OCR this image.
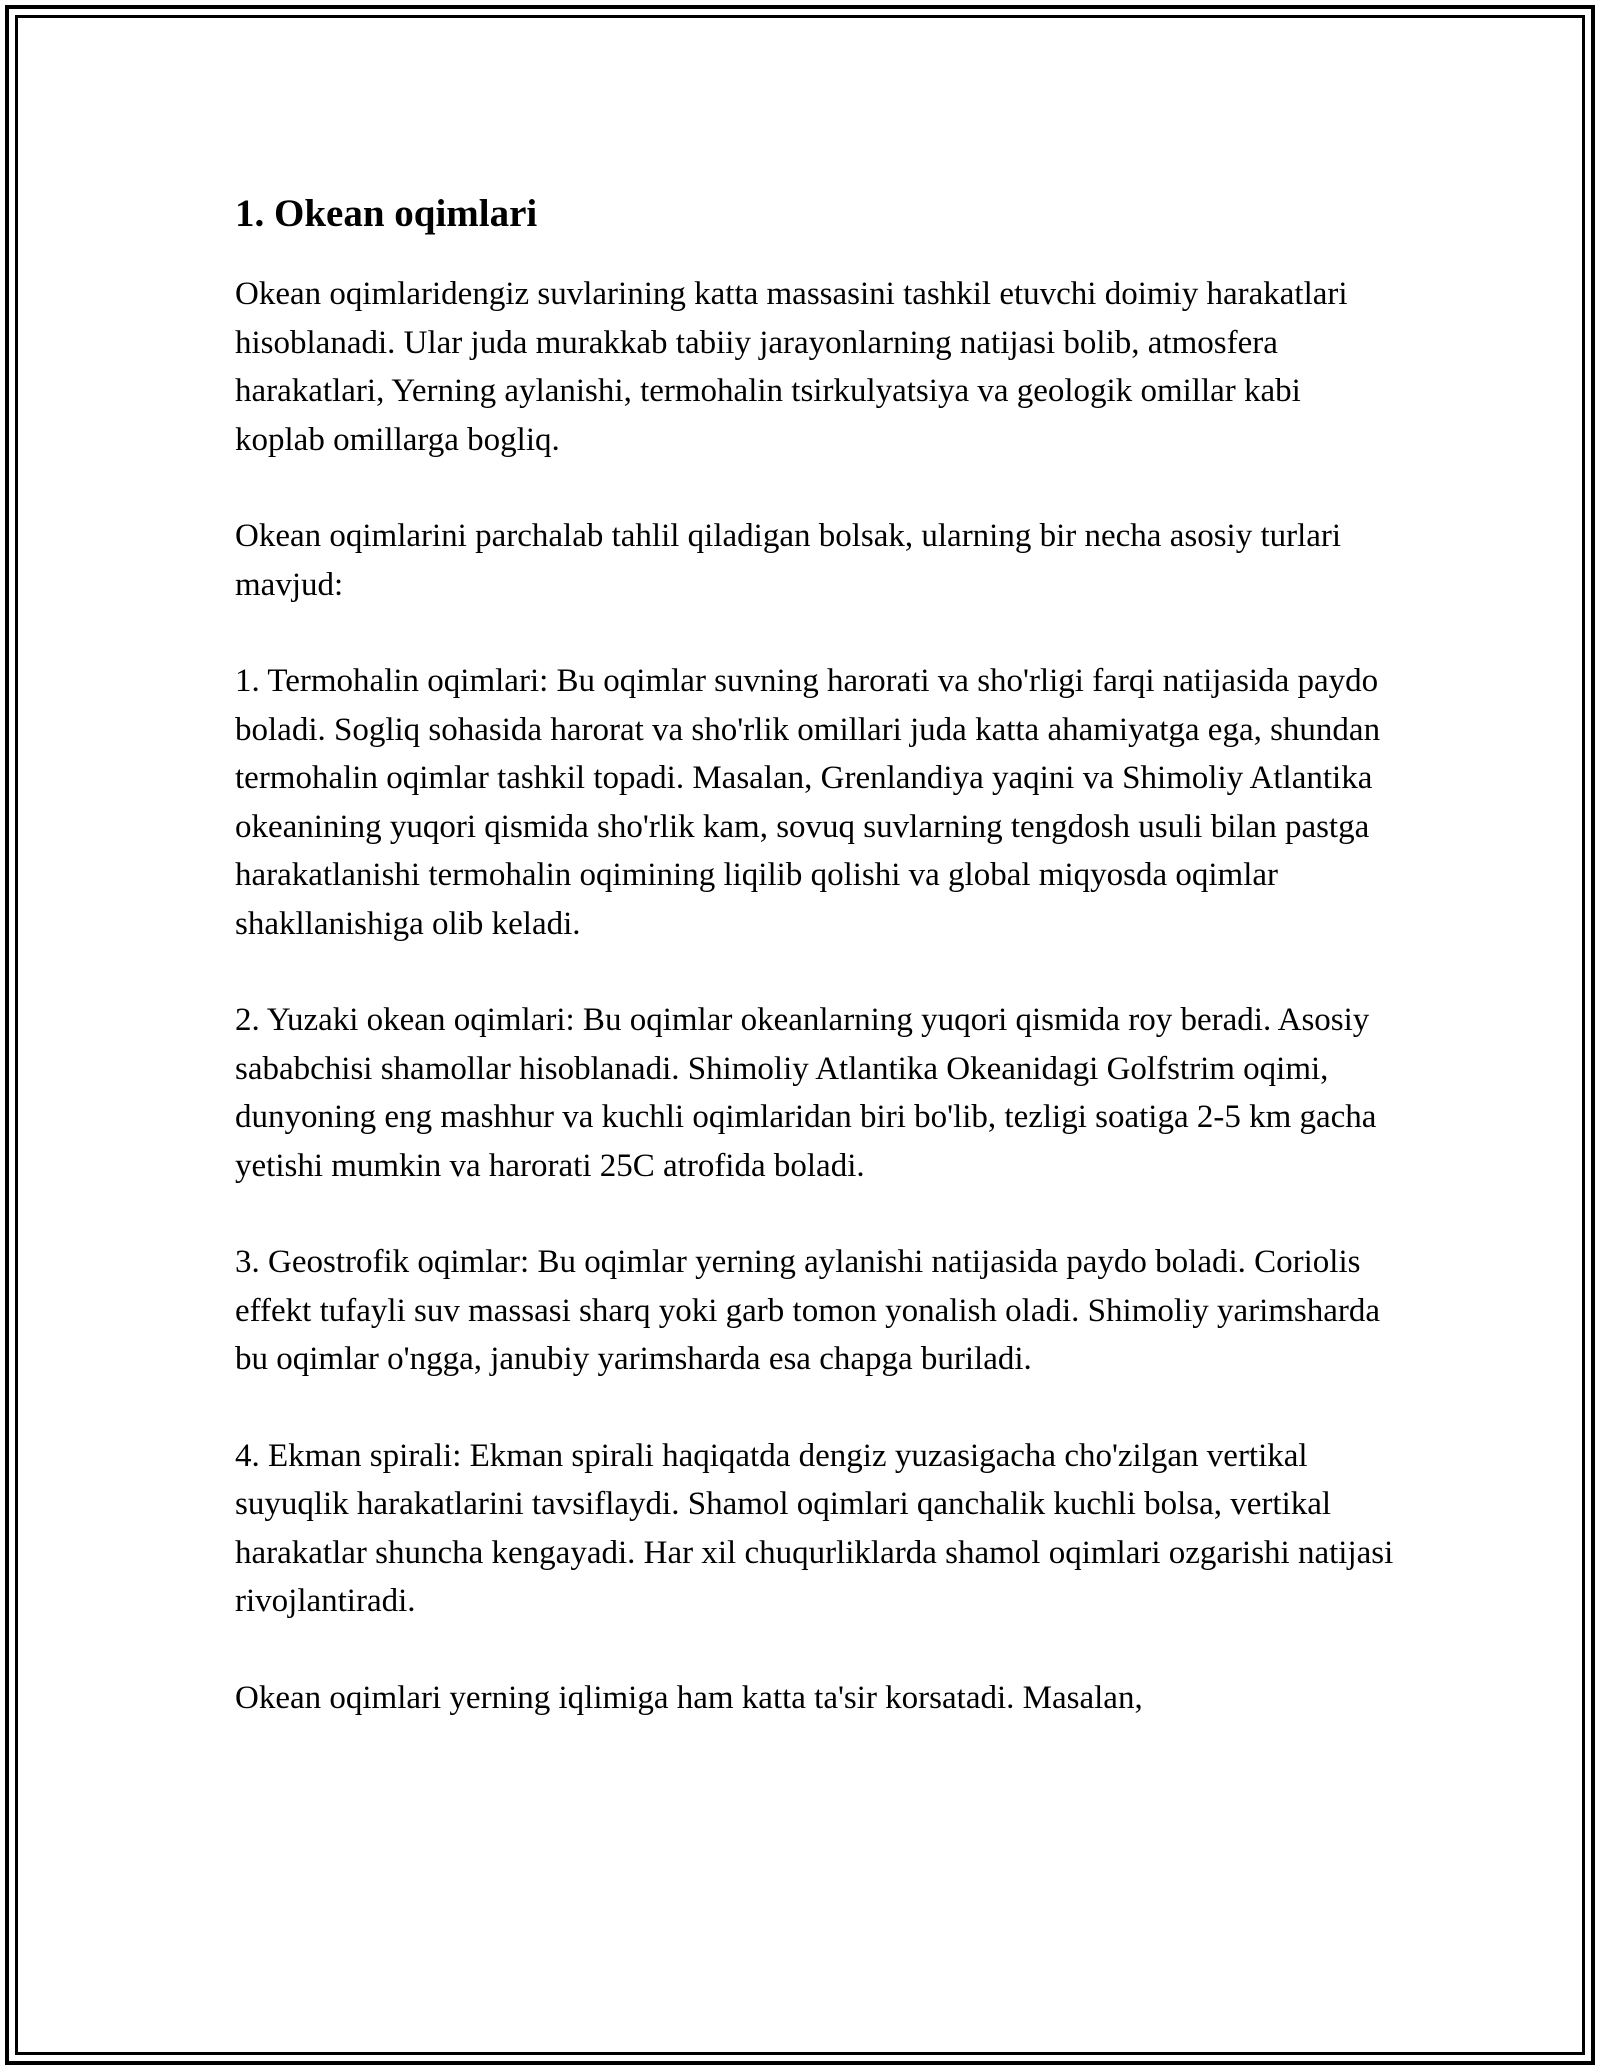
1. Okean oqimlari

Okean oqimlaridengiz suvlarining katta massasini tashkil etuvchi doimiy harakatlari hisoblanadi. Ular juda murakkab tabiiy jarayonlarning natijasi bolib, atmosfera harakatlari, Yerning aylanishi, termohalin tsirkulyatsiya va geologik omillar kabi koplab omillarga bogliq.

Okean oqimlarini parchalab tahlil qiladigan bolsak, ularning bir necha asosiy turlari mavjud:

1. Termohalin oqimlari: Bu oqimlar suvning harorati va sho'rligi farqi natijasida paydo boladi. Sogliq sohasida harorat va sho'rlik omillari juda katta ahamiyatga ega, shundan termohalin oqimlar tashkil topadi. Masalan, Grenlandiya yaqini va Shimoliy Atlantika okeanining yuqori qismida sho'rlik kam, sovuq suvlarning tengdosh usuli bilan pastga harakatlanishi termohalin oqimining liqilib qolishi va global miqyosda oqimlar shakllanishiga olib keladi.

2. Yuzaki okean oqimlari: Bu oqimlar okeanlarning yuqori qismida roy beradi. Asosiy sababchisi shamollar hisoblanadi. Shimoliy Atlantika Okeanidagi Golfstrim oqimi, dunyoning eng mashhur va kuchli oqimlaridan biri bo'lib, tezligi soatiga 2-5 km gacha yetishi mumkin va harorati 25C atrofida boladi.

3. Geostrofik oqimlar: Bu oqimlar yerning aylanishi natijasida paydo boladi. Coriolis effekt tufayli suv massasi sharq yoki garb tomon yonalish oladi. Shimoliy yarimsharda bu oqimlar o'ngga, janubiy yarimsharda esa chapga buriladi.

4. Ekman spirali: Ekman spirali haqiqatda dengiz yuzasigacha cho'zilgan vertikal suyuqlik harakatlarini tavsiflaydi. Shamol oqimlari qanchalik kuchli bolsa, vertikal harakatlar shuncha kengayadi. Har xil chuqurliklarda shamol oqimlari ozgarishi natijasi rivojlantiradi.

Okean oqimlari yerning iqlimiga ham katta ta'sir korsatadi. Masalan,
